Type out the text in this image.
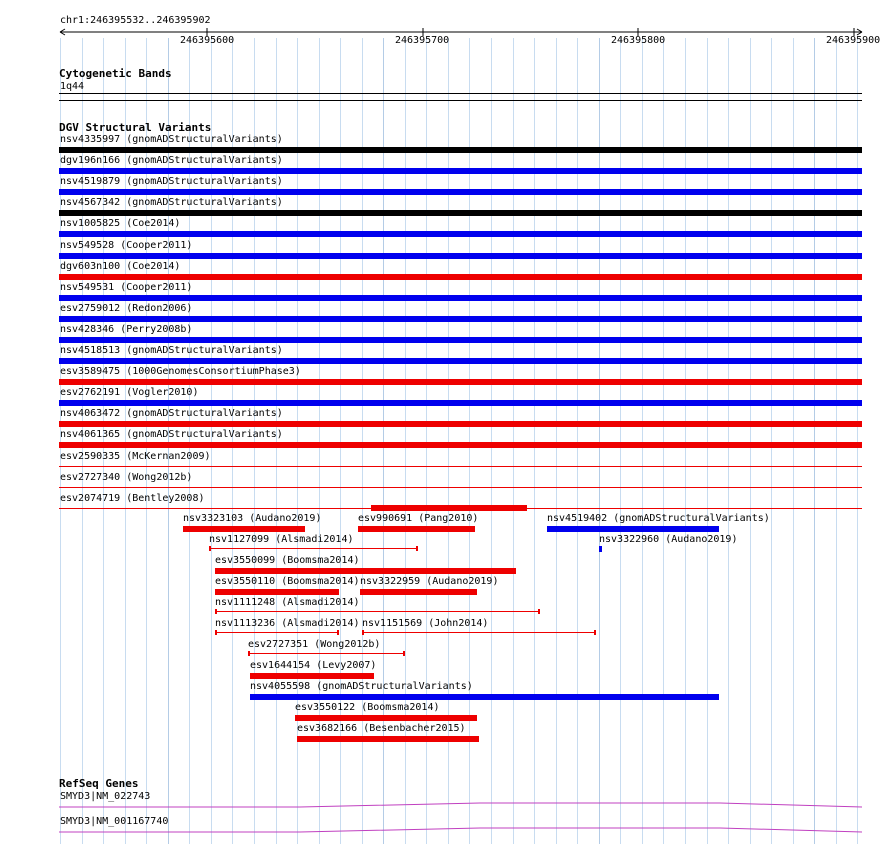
chr1:246395532..246395902
246395600	246395700	246395800	246395900
Cytogenetic Bands
1q44
DGV Structural Variants
nsv4335997 (gnomADStructuralVariants)
dgv196n166 (gnomADStructuralVariants)
nsv4519879 (gnomADStructuralVariants)
nsv4567342 (gnomADStructuralVariants)
nsv1005825 (Coe2014)
nsv549528 (Cooper2011)
dgv603n100 (Coe2014)
nsv549531 (Cooper2011)
esv2759012 (Redon2006)
nsv428346 (Perry2008b)
nsv4518513 (gnomADStructuralVariants)
esv3589475 (1000GenomesConsortiumPhase3)
esv2762191 (Vogler2010)
nsv4063472 (gnomADStructuralVariants)
nsv4061365 (gnomADStructuralVariants)
esv2590335 (McKernan2009)
esv2727340 (Wong2012b)
esv2074719 (Bentley2008)
nsv3323103 (Audano2019)	esv990691 (Pang2010)	nsv4519402 (gnomADStructuralVariants)
nsv1127099 (Alsmadi2014)	nsv3322960 (Audano2019)
esv3550099 (Boomsma2014)
esv3550110 (Boomsma2014) nsv3322959 (Audano2019)
nsv1111248 (Alsmadi2014)
nsv1113236 (Alsmadi2014) nsv1151569 (John2014)
esv2727351 (Wong2012b)
esv1644154 (Levy2007)
nsv4055598 (gnomADStructuralVariants)
esv3550122 (Boomsma2014)
esv3682166 (Besenbacher2015)
RefSeq Genes
SMYD3|NM_022743
SMYD3|NM_001167740
